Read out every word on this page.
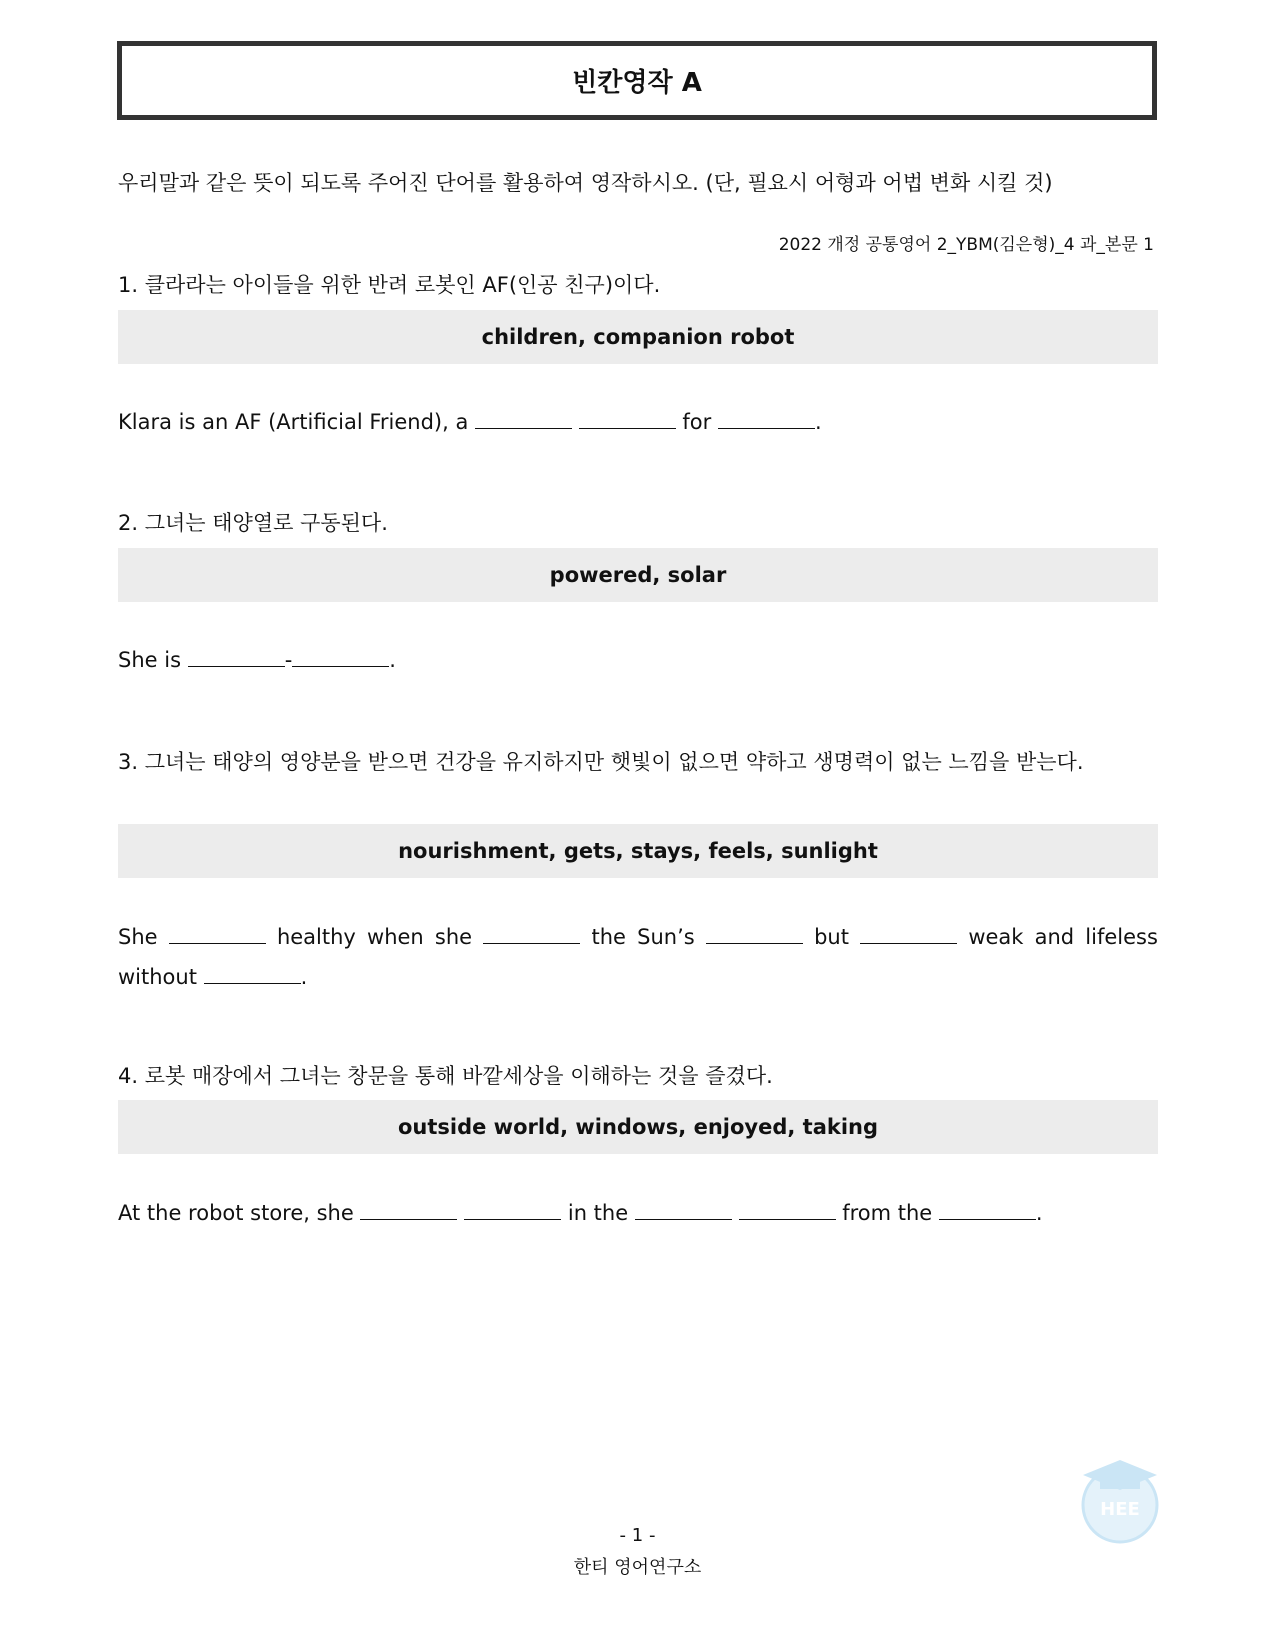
빈칸영작 A
우리말과 같은 뜻이 되도록 주어진 단어를 활용하여 영작하시오. (단, 필요시 어형과 어법 변화 시킬 것)
2022 개정 공통영어 2_YBM(김은형)_4 과_본문 1
1. 클라라는 아이들을 위한 반려 로봇인 AF(인공 친구)이다.
children, companion robot
Klara is an AF (Artificial Friend), a	for	.
2. 그녀는 태양열로 구동된다.
powered, solar
She is	-	.
3. 그녀는 태양의 영양분을 받으면 건강을 유지하지만 햇빛이 없으면 약하고 생명력이 없는 느낌을 받는다.
nourishment, gets, stays, feels, sunlight
She	healthy when she	the Sun’s	but	weak and lifeless without	.
4. 로봇 매장에서 그녀는 창문을 통해 바깥세상을 이해하는 것을 즐겼다.
outside world, windows, enjoyed, taking
At the robot store, she	in the	from the	.
- 1 -
한티 영어연구소
HEE
